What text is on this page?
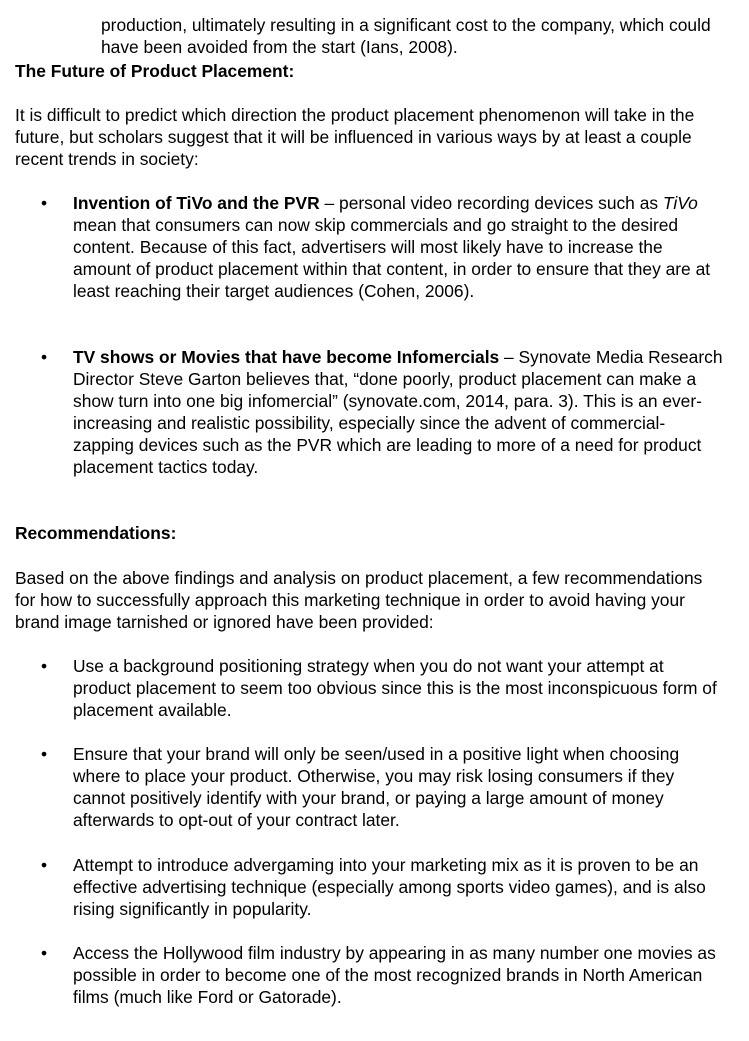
production, ultimately resulting in a significant cost to the company, which could have been avoided from the start (Ians, 2008).

The Future of Product Placement:

It is difficult to predict which direction the product placement phenomenon will take in the future, but scholars suggest that it will be influenced in various ways by at least a couple recent trends in society:

• Invention of TiVo and the PVR – personal video recording devices such as TiVo mean that consumers can now skip commercials and go straight to the desired content. Because of this fact, advertisers will most likely have to increase the amount of product placement within that content, in order to ensure that they are at least reaching their target audiences (Cohen, 2006).
• TV shows or Movies that have become Infomercials – Synovate Media Research Director Steve Garton believes that, “done poorly, product placement can make a show turn into one big infomercial” (synovate.com, 2014, para. 3). This is an ever-increasing and realistic possibility, especially since the advent of commercial-zapping devices such as the PVR which are leading to more of a need for product placement tactics today.

Recommendations:

Based on the above findings and analysis on product placement, a few recommendations for how to successfully approach this marketing technique in order to avoid having your brand image tarnished or ignored have been provided:

• Use a background positioning strategy when you do not want your attempt at product placement to seem too obvious since this is the most inconspicuous form of placement available.
• Ensure that your brand will only be seen/used in a positive light when choosing where to place your product. Otherwise, you may risk losing consumers if they cannot positively identify with your brand, or paying a large amount of money afterwards to opt-out of your contract later.
• Attempt to introduce advergaming into your marketing mix as it is proven to be an effective advertising technique (especially among sports video games), and is also rising significantly in popularity.
• Access the Hollywood film industry by appearing in as many number one movies as possible in order to become one of the most recognized brands in North American films (much like Ford or Gatorade).
